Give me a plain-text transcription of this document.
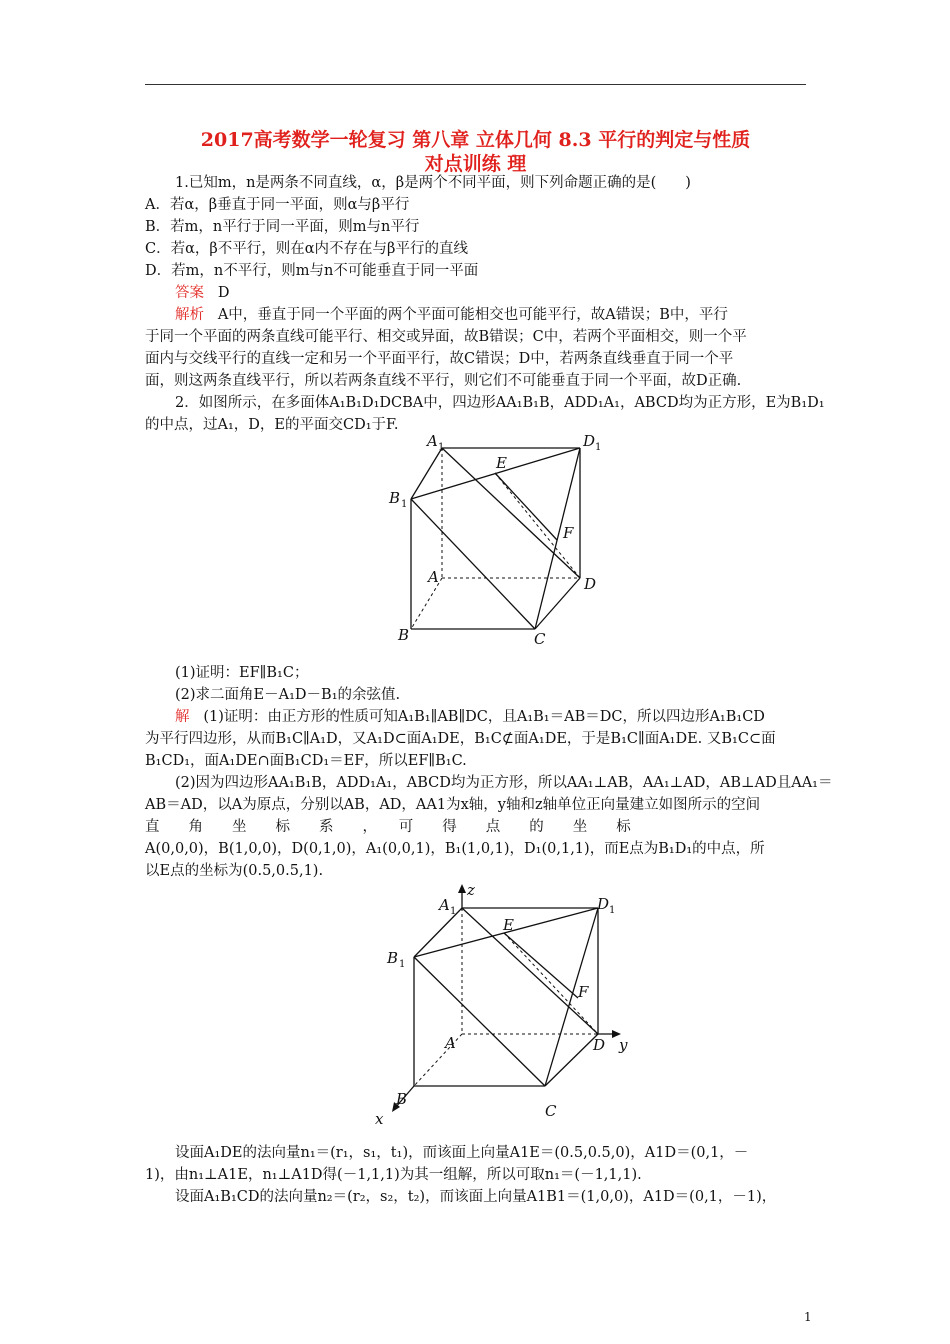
2017高考数学一轮复习 第八章 立体几何 8.3 平行的判定与性质
对点训练 理
1.已知m，n是两条不同直线，α，β是两个不同平面，则下列命题正确的是(　　)
A．若α，β垂直于同一平面，则α与β平行
B．若m，n平行于同一平面，则m与n平行
C．若α，β不平行，则在α内不存在与β平行的直线
D．若m，n不平行，则m与n不可能垂直于同一平面
答案 D
解析 A中，垂直于同一个平面的两个平面可能相交也可能平行，故A错误；B中，平行
于同一个平面的两条直线可能平行、相交或异面，故B错误；C中，若两个平面相交，则一个平
面内与交线平行的直线一定和另一个平面平行，故C错误；D中，若两条直线垂直于同一个平
面，则这两条直线平行，所以若两条直线不平行，则它们不可能垂直于同一个平面，故D正确.
2．如图所示，在多面体A₁B₁D₁DCBA中，四边形AA₁B₁B，ADD₁A₁，ABCD均为正方形，E为B₁D₁
的中点，过A₁，D，E的平面交CD₁于F.
A 1	D 1
E
B 1
F
A	D
B	C
(1)证明：EF∥B₁C；
(2)求二面角E－A₁D－B₁的余弦值.
解 (1)证明：由正方形的性质可知A₁B₁∥AB∥DC，且A₁B₁＝AB＝DC，所以四边形A₁B₁CD
为平行四边形，从而B₁C∥A₁D，又A₁D⊂面A₁DE，B₁C⊄面A₁DE，于是B₁C∥面A₁DE. 又B₁C⊂面
B₁CD₁，面A₁DE∩面B₁CD₁＝EF，所以EF∥B₁C.
(2)因为四边形AA₁B₁B，ADD₁A₁，ABCD均为正方形，所以AA₁⊥AB，AA₁⊥AD，AB⊥AD且AA₁＝
AB＝AD，以A为原点，分别以AB，AD，AA1为x轴，y轴和z轴单位正向量建立如图所示的空间
直　　角　　坐　　标　　系　　，　　可　　得　　点　　的　　坐　　标
A(0,0,0)，B(1,0,0)，D(0,1,0)，A₁(0,0,1)，B₁(1,0,1)，D₁(0,1,1)，而E点为B₁D₁的中点，所
以E点的坐标为(0.5,0.5,1).
z
y
x
A 1	D 1
E
B 1
F
A	D
B
C
设面A₁DE的法向量n₁＝(r₁，s₁，t₁)，而该面上向量A1E＝(0.5,0.5,0)，A1D＝(0,1，－
1)，由n₁⊥A1E，n₁⊥A1D得(－1,1,1)为其一组解，所以可取n₁＝(－1,1,1).
设面A₁B₁CD的法向量n₂＝(r₂，s₂，t₂)，而该面上向量A1B1＝(1,0,0)，A1D＝(0,1，－1)，
1
